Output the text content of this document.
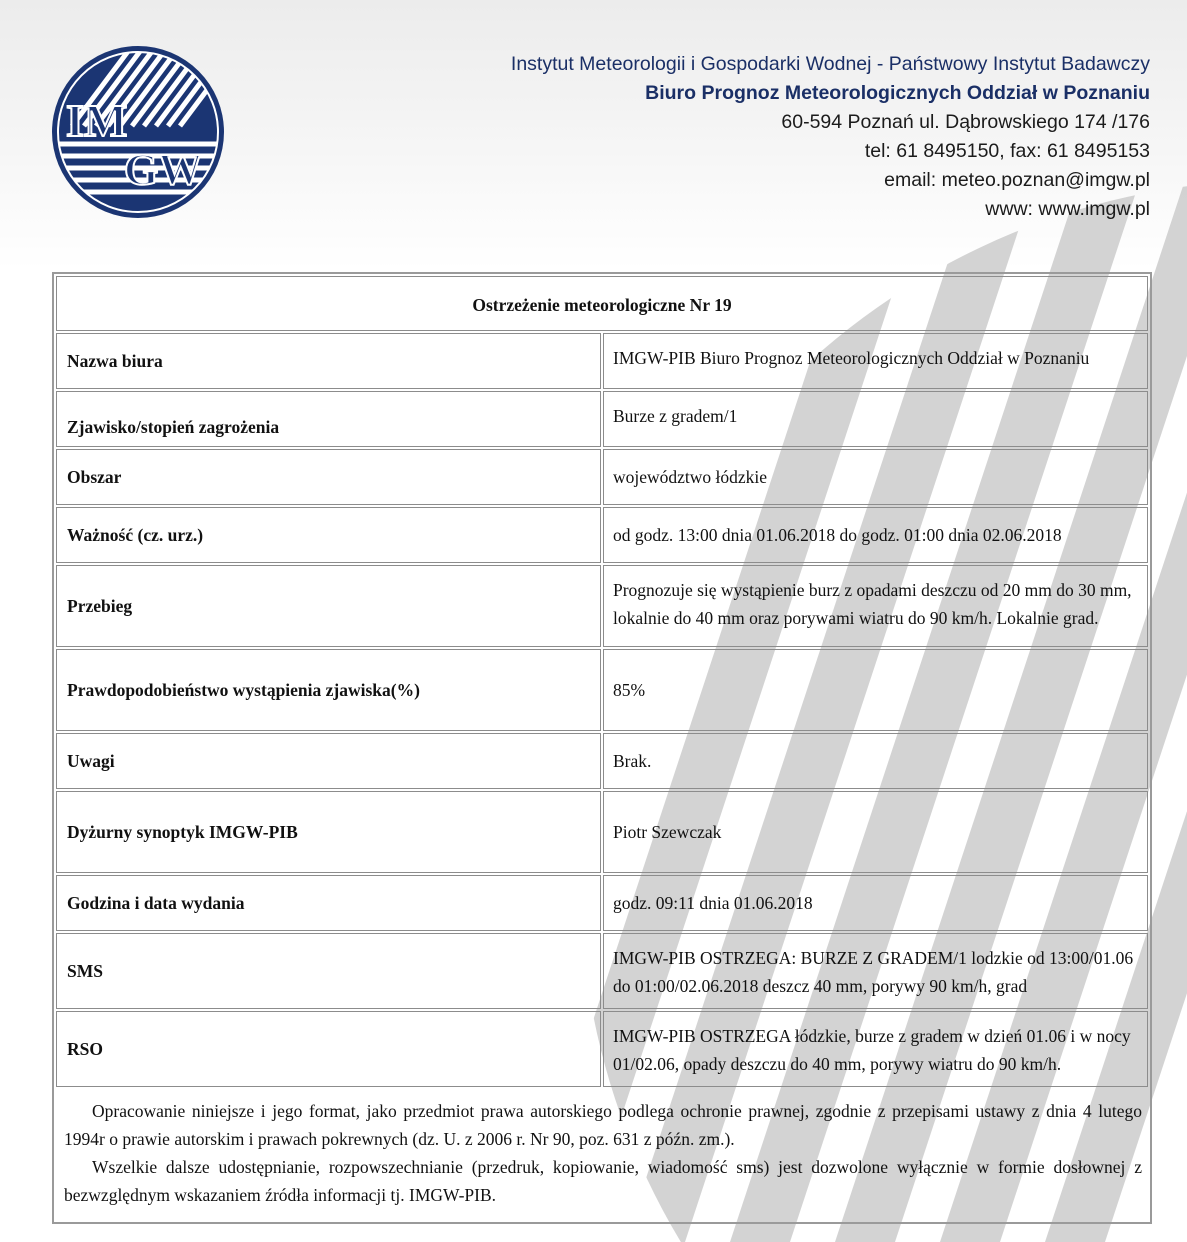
IM
GW
Instytut Meteorologii i Gospodarki Wodnej - Państwowy Instytut Badawczy
Biuro Prognoz Meteorologicznych Oddział w Poznaniu
60-594 Poznań ul. Dąbrowskiego 174 /176
tel: 61 8495150, fax: 61 8495153
email: meteo.poznan@imgw.pl
www: www.imgw.pl
Ostrzeżenie meteorologiczne Nr 19	
Nazwa biura	IMGW-PIB Biuro Prognoz Meteorologicznych Oddział w Poznaniu
Zjawisko/stopień zagrożenia	Burze z gradem/1
Obszar	województwo łódzkie
Ważność (cz. urz.)	od godz. 13:00 dnia 01.06.2018 do godz. 01:00 dnia 02.06.2018
Przebieg	Prognozuje się wystąpienie burz z opadami deszczu od 20 mm do 30 mm, lokalnie do 40 mm oraz porywami wiatru do 90 km/h. Lokalnie grad.
Prawdopodobieństwo wystąpienia zjawiska(%)	85%
Uwagi	Brak.
Dyżurny synoptyk IMGW-PIB	Piotr Szewczak
Godzina i data wydania	godz. 09:11 dnia 01.06.2018
SMS	IMGW-PIB OSTRZEGA: BURZE Z GRADEM/1 lodzkie od 13:00/01.06 do 01:00/02.06.2018 deszcz 40 mm, porywy 90 km/h, grad
RSO	IMGW-PIB OSTRZEGA łódzkie, burze z gradem w dzień 01.06 i w nocy 01/02.06, opady deszczu do 40 mm, porywy wiatru do 90 km/h.

Opracowanie niniejsze i jego format, jako przedmiot prawa autorskiego podlega ochronie prawnej, zgodnie z przepisami ustawy z dnia 4 lutego 1994r o prawie autorskim i prawach pokrewnych (dz. U. z 2006 r. Nr 90, poz. 631 z późn. zm.).

Wszelkie dalsze udostępnianie, rozpowszechnianie (przedruk, kopiowanie, wiadomość sms) jest dozwolone wyłącznie w formie dosłownej z bezwzględnym wskazaniem źródła informacji tj. IMGW-PIB.
